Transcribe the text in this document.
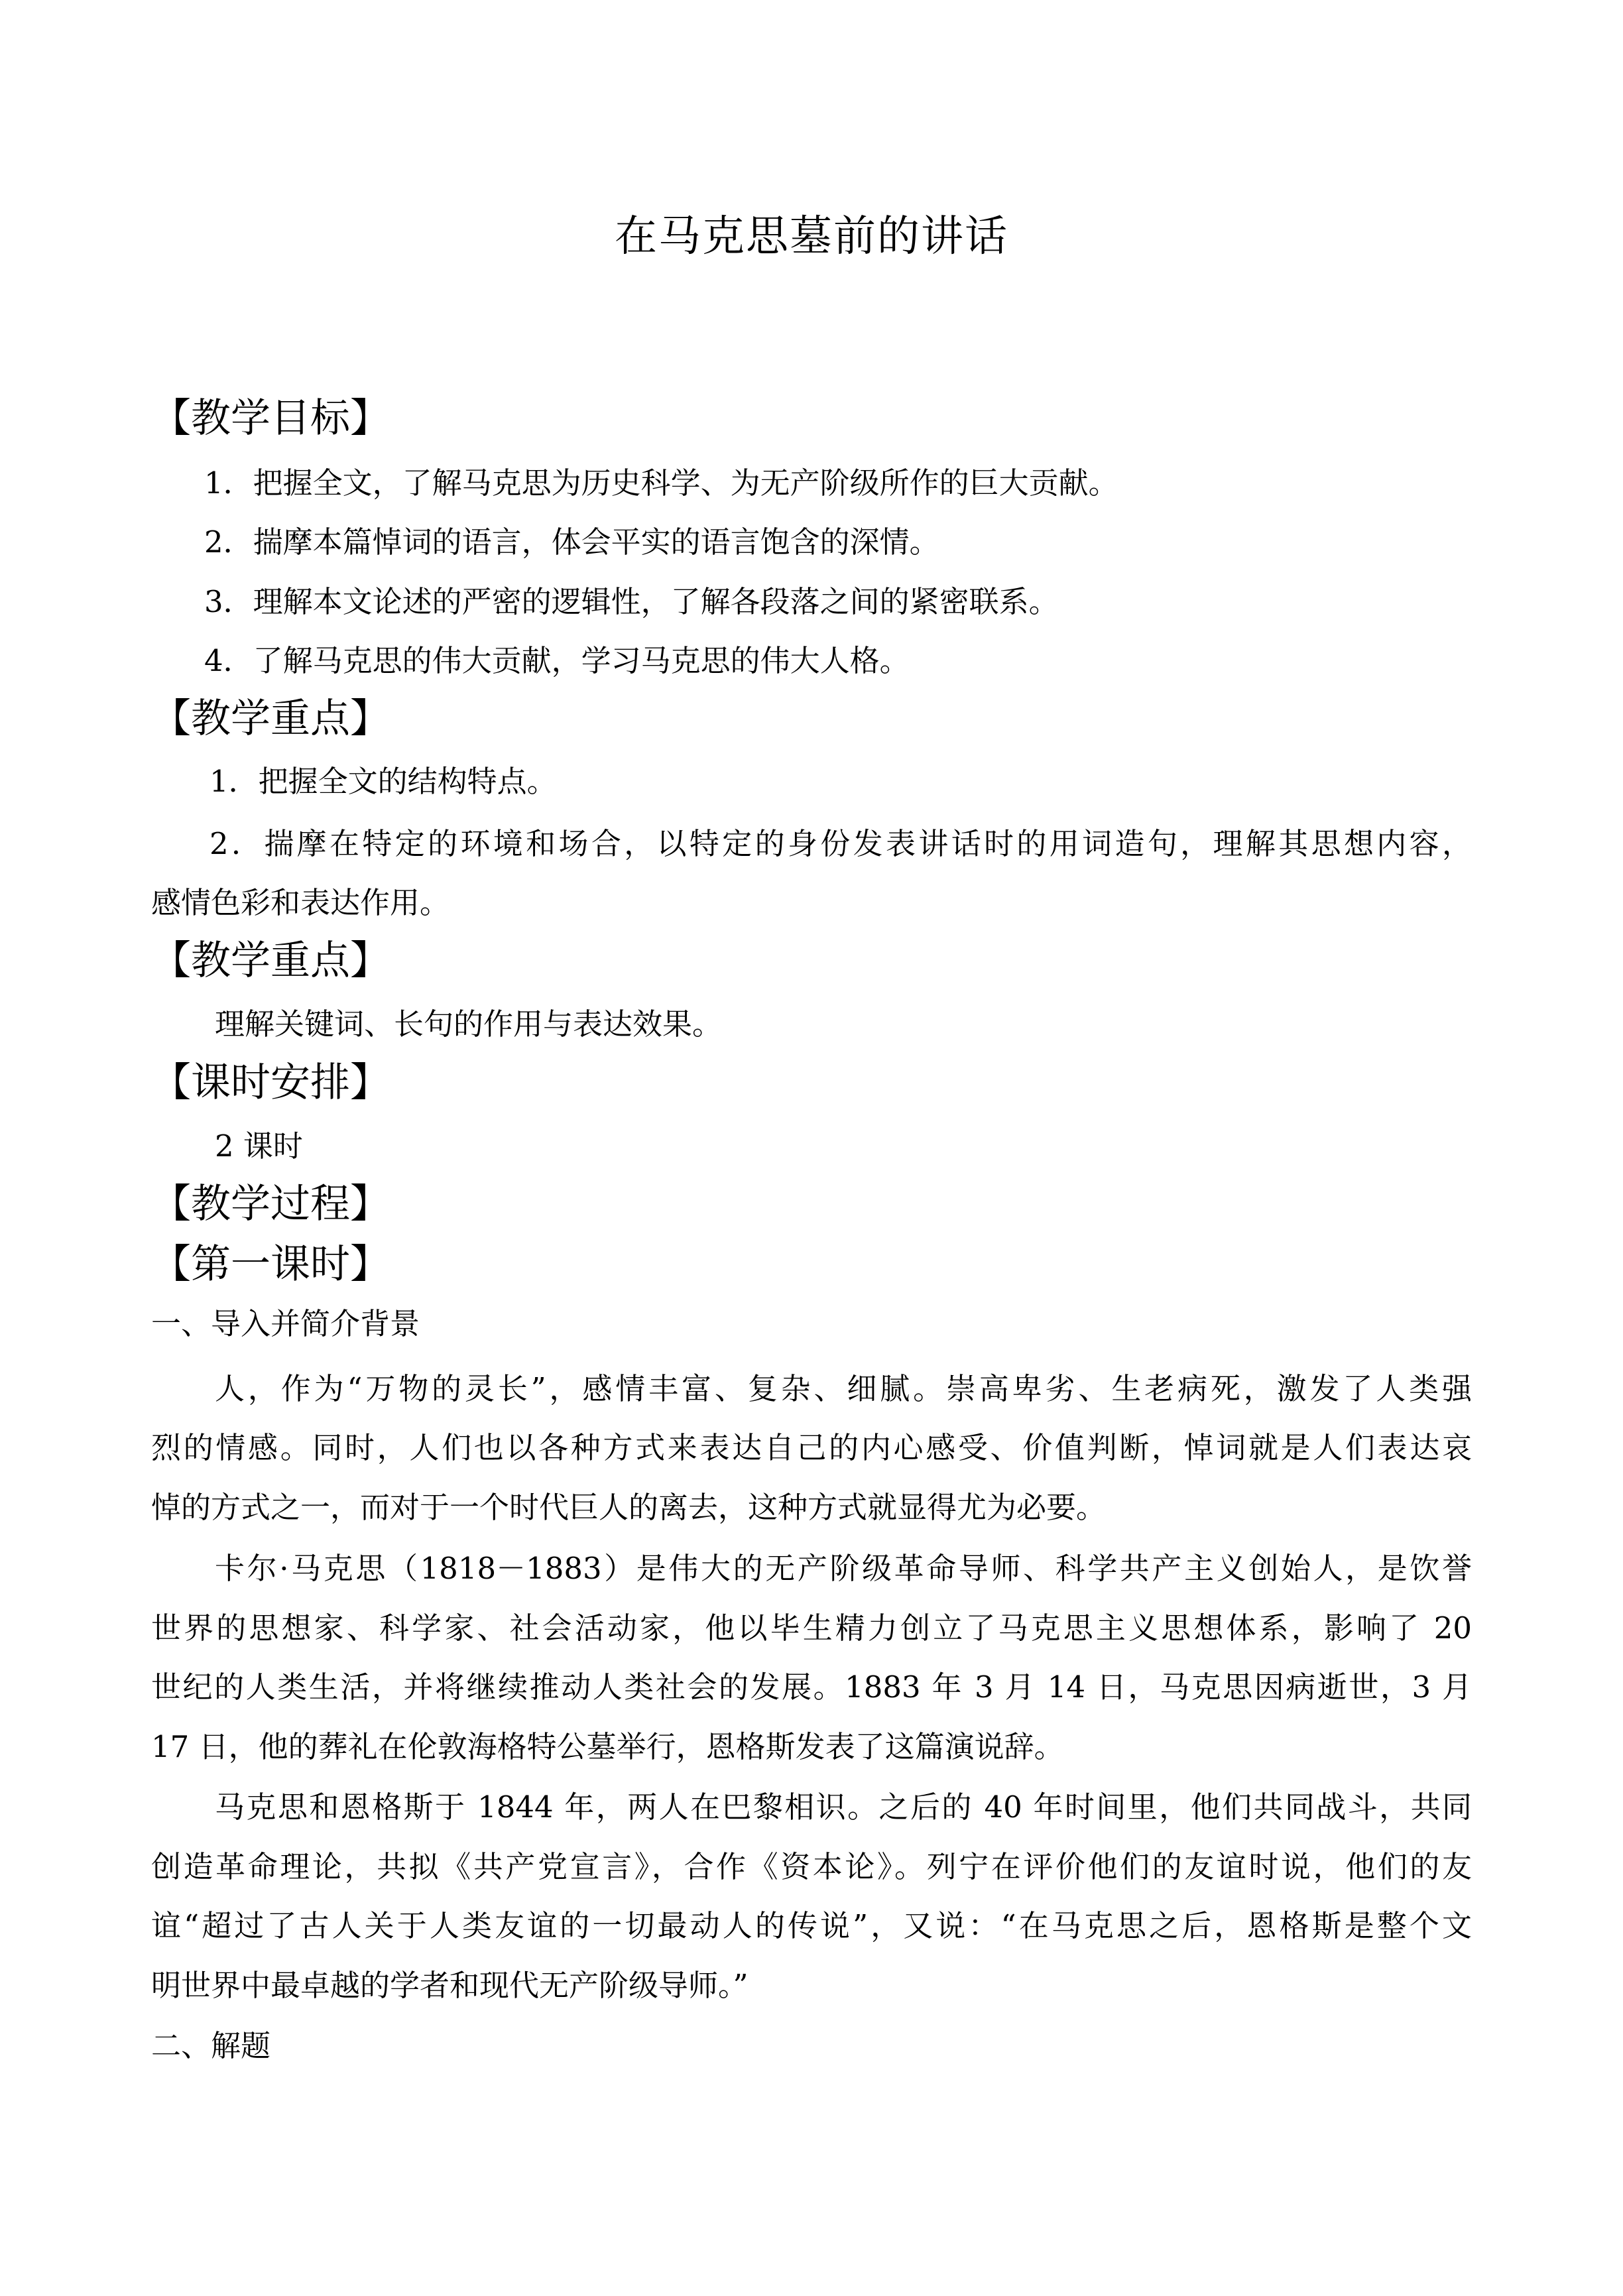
在马克思墓前的讲话
【教学目标】
1．把握全文，了解马克思为历史科学、为无产阶级所作的巨大贡献。
2．揣摩本篇悼词的语言，体会平实的语言饱含的深情。
3．理解本文论述的严密的逻辑性，了解各段落之间的紧密联系。
4．了解马克思的伟大贡献，学习马克思的伟大人格。
【教学重点】
1．把握全文的结构特点。
2．揣摩在特定的环境和场合，以特定的身份发表讲话时的用词造句，理解其思想内容，
感情色彩和表达作用。
【教学重点】
理解关键词、长句的作用与表达效果。
【课时安排】
2 课时
【教学过程】
【第一课时】
一、导入并简介背景
人，作为“万物的灵长”，感情丰富、复杂、细腻。崇高卑劣、生老病死，激发了人类强
烈的情感。同时，人们也以各种方式来表达自己的内心感受、价值判断，悼词就是人们表达哀
悼的方式之一，而对于一个时代巨人的离去，这种方式就显得尤为必要。
卡尔·马克思（1818－1883）是伟大的无产阶级革命导师、科学共产主义创始人，是饮誉
世界的思想家、科学家、社会活动家，他以毕生精力创立了马克思主义思想体系，影响了 20
世纪的人类生活，并将继续推动人类社会的发展。1883 年 3 月 14 日，马克思因病逝世，3 月
17 日，他的葬礼在伦敦海格特公墓举行，恩格斯发表了这篇演说辞。
马克思和恩格斯于 1844 年，两人在巴黎相识。之后的 40 年时间里，他们共同战斗，共同
创造革命理论，共拟《共产党宣言》，合作《资本论》。列宁在评价他们的友谊时说，他们的友
谊“超过了古人关于人类友谊的一切最动人的传说”，又说：“在马克思之后，恩格斯是整个文
明世界中最卓越的学者和现代无产阶级导师。”
二、解题
